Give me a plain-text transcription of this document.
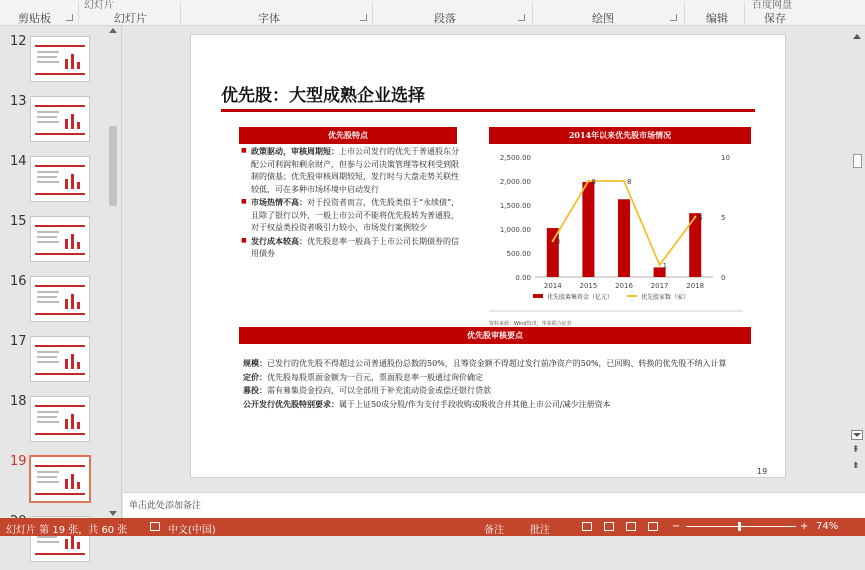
幻灯片	百度网盘
剪贴板	幻灯片	字体	段落	绘图	编辑	保存
12
13
14
15
16
17
18
19
优先股：大型成熟企业选择
优先股特点	2014年以来优先股市场情况
■ 政策驱动，审核周期短：上市公司发行的优先于普通股东分配公司利润和剩余财产，但参与公司决策管理等权利受到限制的债基；优先股审核周期较短，发行时与大盘走势关联性较低，可在多种市场环境中启动发行
■ 市场热情不高：对于投资者而言，优先股类似于“永续债”，且除了银行以外，一般上市公司不能将优先股转为普通股，对于权益类投资者吸引力较小，市场发行案例较少
■ 发行成本较高：优先股息率一般高于上市公司长期债券的信用债券
0.00
500.00
1,000.00
1,500.00
2,000.00
2,500.00
0
5
10
2014	2015	2016	2017	2018
3
8	8
1
5
优先股募集资金（亿元）	优先股家数（家）
资料来源：Wind资讯，华泰联合证券
优先股审核要点
规模：已发行的优先股不得超过公司普通股份总数的50%，且筹资金额不得超过发行前净资产的50%，已回购、转换的优先股不纳入计算
定价：优先股每股票面金额为一百元，票面股息率一般通过询价确定
募投：需有募集资金投向，可以全部用于补充流动资金或偿还银行贷款
公开发行优先股特别要求：属于上证50成分股/作为支付手段收购或吸收合并其他上市公司/减少注册资本
19
⇞
⇟
单击此处添加备注
幻灯片 第 19 张，共 60 张	中文(中国)	备注	批注	−	+ 74%
